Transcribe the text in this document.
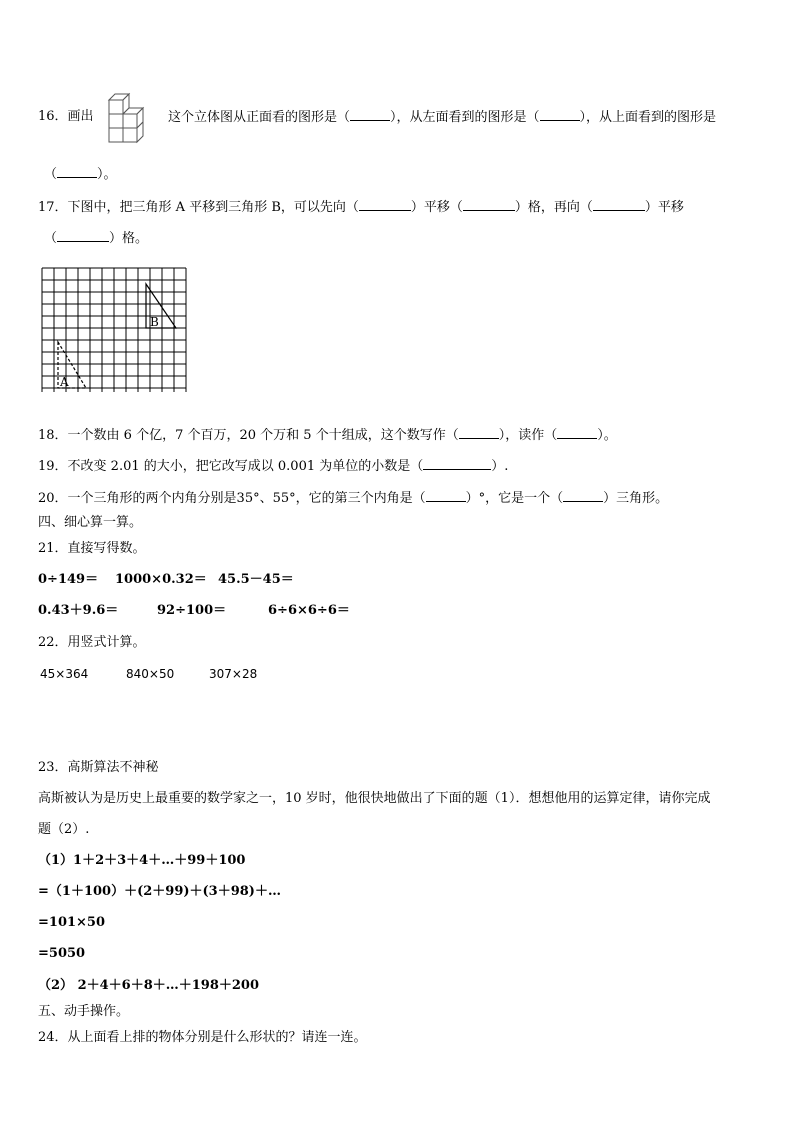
16．画出	这个立体图从正面看的图形是（	），从左面看到的图形是（	），从上面看到的图形是
（	）。
17．下图中，把三角形 A 平移到三角形 B，可以先向（	）平移（	）格，再向（	）平移
（	）格。
B
A
18．一个数由 6 个亿，7 个百万，20 个万和 5 个十组成，这个数写作（	），读作（	）。
19．不改变 2.01 的大小，把它改写成以 0.001 为单位的小数是（	）.
20．一个三角形的两个内角分别是35°、55°，它的第三个内角是（	）°，它是一个（	）三角形。
四、细心算一算。
21．直接写得数。
0÷149＝ 1000×0.32＝ 45.5－45＝
0.43＋9.6＝	92÷100＝	6÷6×6÷6＝
22．用竖式计算。
45×364	840×50	307×28
23．高斯算法不神秘
高斯被认为是历史上最重要的数学家之一，10 岁时，他很快地做出了下面的题（1）．想想他用的运算定律，请你完成
题（2）.
（1）1＋2＋3＋4＋…＋99＋100
=（1＋100）＋(2＋99)＋(3＋98)＋…
=101×50
=5050
（2） 2＋4＋6＋8＋…＋198＋200
五、动手操作。
24．从上面看上排的物体分别是什么形状的？请连一连。
